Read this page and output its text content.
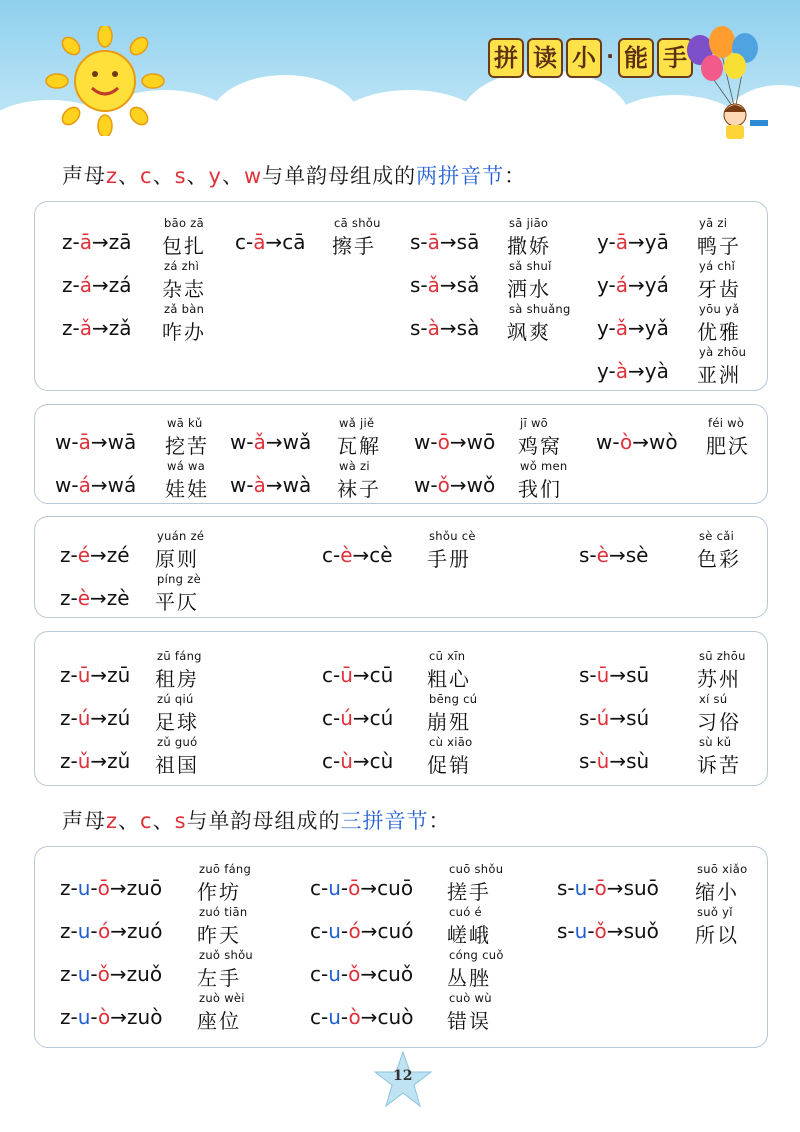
拼 读 小 · 能 手
声母z、c、s、y、w与单韵母组成的两拼音节：
声母z、c、s与单韵母组成的三拼音节：
bāo zā
z-ā→zā 包扎
zá zhì
z-á→zá 杂志
zǎ bàn
z-ǎ→zǎ 咋办
cā shǒu
c-ā→cā 擦手
sā jiāo
s-ā→sā 撒娇
sǎ shuǐ
s-ǎ→sǎ 洒水
sà shuǎng
s-à→sà 飒爽
yā zi
y-ā→yā 鸭子
yá chǐ
y-á→yá 牙齿
yōu yǎ
y-ǎ→yǎ 优雅
yà zhōu
y-à→yà 亚洲
wā kǔ
w-ā→wā 挖苦
wá wa
w-á→wá 娃娃
wǎ jiě
w-ǎ→wǎ 瓦解
wà zi
w-à→wà 袜子
jī wō
w-ō→wō 鸡窝
wǒ men
w-ǒ→wǒ 我们
féi wò
w-ò→wò 肥沃
yuán zé
z-é→zé 原则
píng zè
z-è→zè 平仄
shǒu cè
c-è→cè 手册
sè cǎi
s-è→sè 色彩
zū fáng
z-ū→zū 租房
zú qiú
z-ú→zú 足球
zǔ guó
z-ǔ→zǔ 祖国
cū xīn
c-ū→cū 粗心
bēng cú
c-ú→cú 崩殂
cù xiāo
c-ù→cù 促销
sū zhōu
s-ū→sū 苏州
xí sú
s-ú→sú 习俗
sù kǔ
s-ù→sù 诉苦
zuō fáng
z-u-ō→zuō 作坊
zuó tiān
z-u-ó→zuó 昨天
zuǒ shǒu
z-u-ǒ→zuǒ 左手
zuò wèi
z-u-ò→zuò 座位
cuō shǒu
c-u-ō→cuō 搓手
cuó é
c-u-ó→cuó 嵯峨
cóng cuǒ
c-u-ǒ→cuǒ 丛脞
cuò wù
c-u-ò→cuò 错误
suō xiǎo
s-u-ō→suō 缩小
suǒ yǐ
s-u-ǒ→suǒ 所以
12
